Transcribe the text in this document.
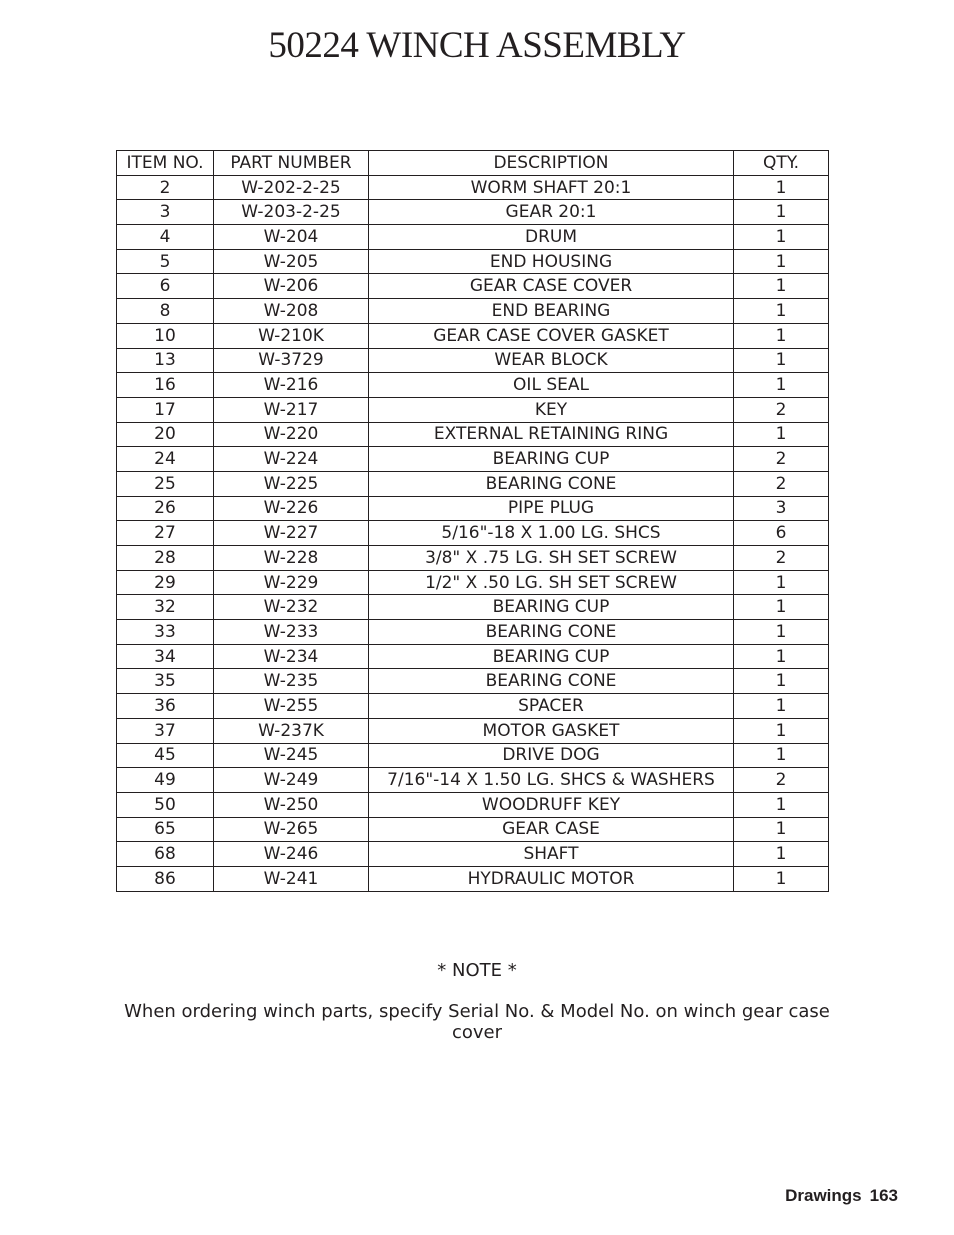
50224 WINCH ASSEMBLY
ITEM NO.	PART NUMBER	DESCRIPTION	QTY.
2	W-202-2-25	WORM SHAFT 20:1	1
3	W-203-2-25	GEAR 20:1	1
4	W-204	DRUM	1
5	W-205	END HOUSING	1
6	W-206	GEAR CASE COVER	1
8	W-208	END BEARING	1
10	W-210K	GEAR CASE COVER GASKET	1
13	W-3729	WEAR BLOCK	1
16	W-216	OIL SEAL	1
17	W-217	KEY	2
20	W-220	EXTERNAL RETAINING RING	1
24	W-224	BEARING CUP	2
25	W-225	BEARING CONE	2
26	W-226	PIPE PLUG	3
27	W-227	5/16"-18 X 1.00 LG. SHCS	6
28	W-228	3/8" X .75 LG. SH SET SCREW	2
29	W-229	1/2" X .50 LG. SH SET SCREW	1
32	W-232	BEARING CUP	1
33	W-233	BEARING CONE	1
34	W-234	BEARING CUP	1
35	W-235	BEARING CONE	1
36	W-255	SPACER	1
37	W-237K	MOTOR GASKET	1
45	W-245	DRIVE DOG	1
49	W-249	7/16"-14 X 1.50 LG. SHCS & WASHERS	2
50	W-250	WOODRUFF KEY	1
65	W-265	GEAR CASE	1
68	W-246	SHAFT	1
86	W-241	HYDRAULIC MOTOR	1
* NOTE *
When ordering winch parts, specify Serial No. & Model No. on winch gear case cover
Drawings 163
